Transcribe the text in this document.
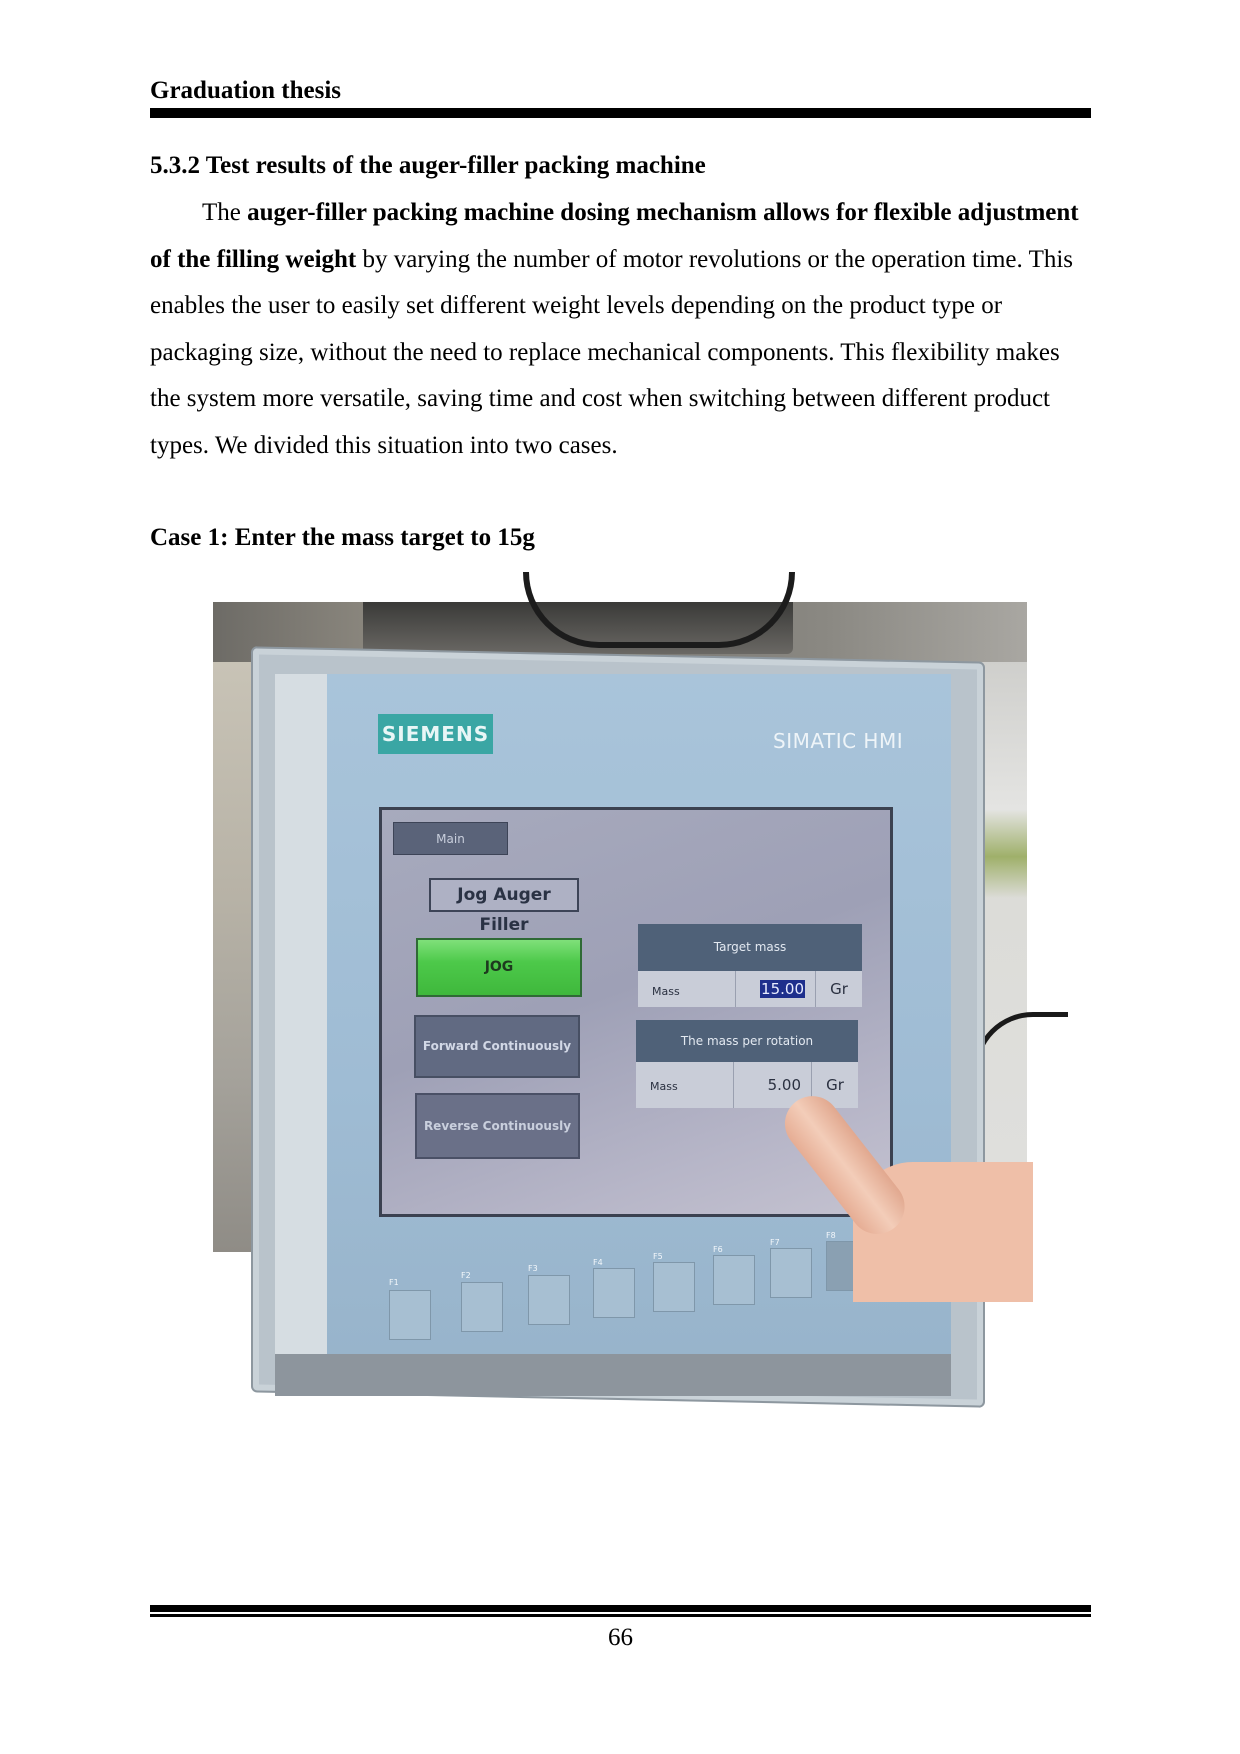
Graduation thesis
5.3.2 Test results of the auger-filler packing machine

The auger-filler packing machine dosing mechanism allows for flexible adjustment of the filling weight by varying the number of motor revolutions or the operation time. This enables the user to easily set different weight levels depending on the product type or packaging size, without the need to replace mechanical components. This flexibility makes the system more versatile, saving time and cost when switching between different product types. We divided this situation into two cases.

Case 1: Enter the mass target to 15g
SIEMENS	SIMATIC HMI
Main
Jog Auger Filler
JOG
Forward Continuously
Reverse Continuously
Target mass
Mass	15.00	Gr
The mass per rotation
Mass	5.00	Gr
F1
F2
F3
F4
F5
F6
F7
F8
66
